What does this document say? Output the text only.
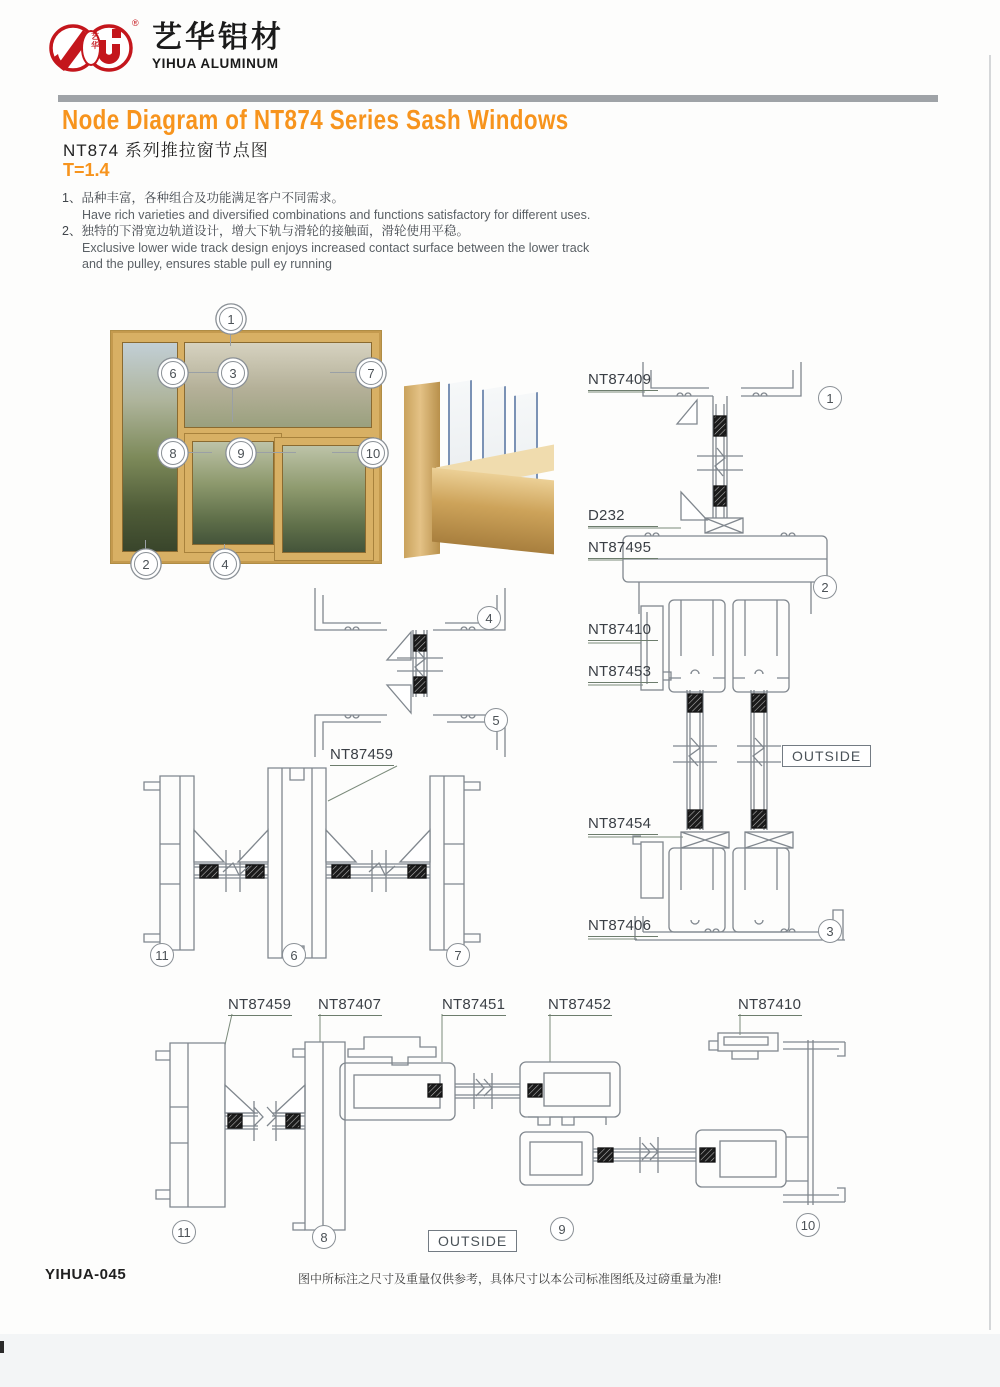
艺华
® 艺华铝材
YIHUA ALUMINUM
Node Diagram of NT874 Series Sash Windows
NT874 系列推拉窗节点图
T=1.4
1、品种丰富，各种组合及功能满足客户不同需求。
Have rich varieties and diversified combinations and functions satisfactory for different uses.
2、独特的下滑宽边轨道设计，增大下轨与滑轮的接触面，滑轮使用平稳。
Exclusive lower wide track design enjoys increased contact surface between the lower track
and the pulley, ensures stable pull ey running
1
6	3	7
8	9	10
2	4
4
5
NT87459
11	6	7
NT87409
D232
NT87495
NT87410
NT87453
NT87454
NT87406
OUTSIDE
1
2
3
NT87459 NT87407	NT87451	NT87452	NT87410
OUTSIDE
11	8
9	10
YIHUA-045	图中所标注之尺寸及重量仅供参考，具体尺寸以本公司标准图纸及过磅重量为准!
